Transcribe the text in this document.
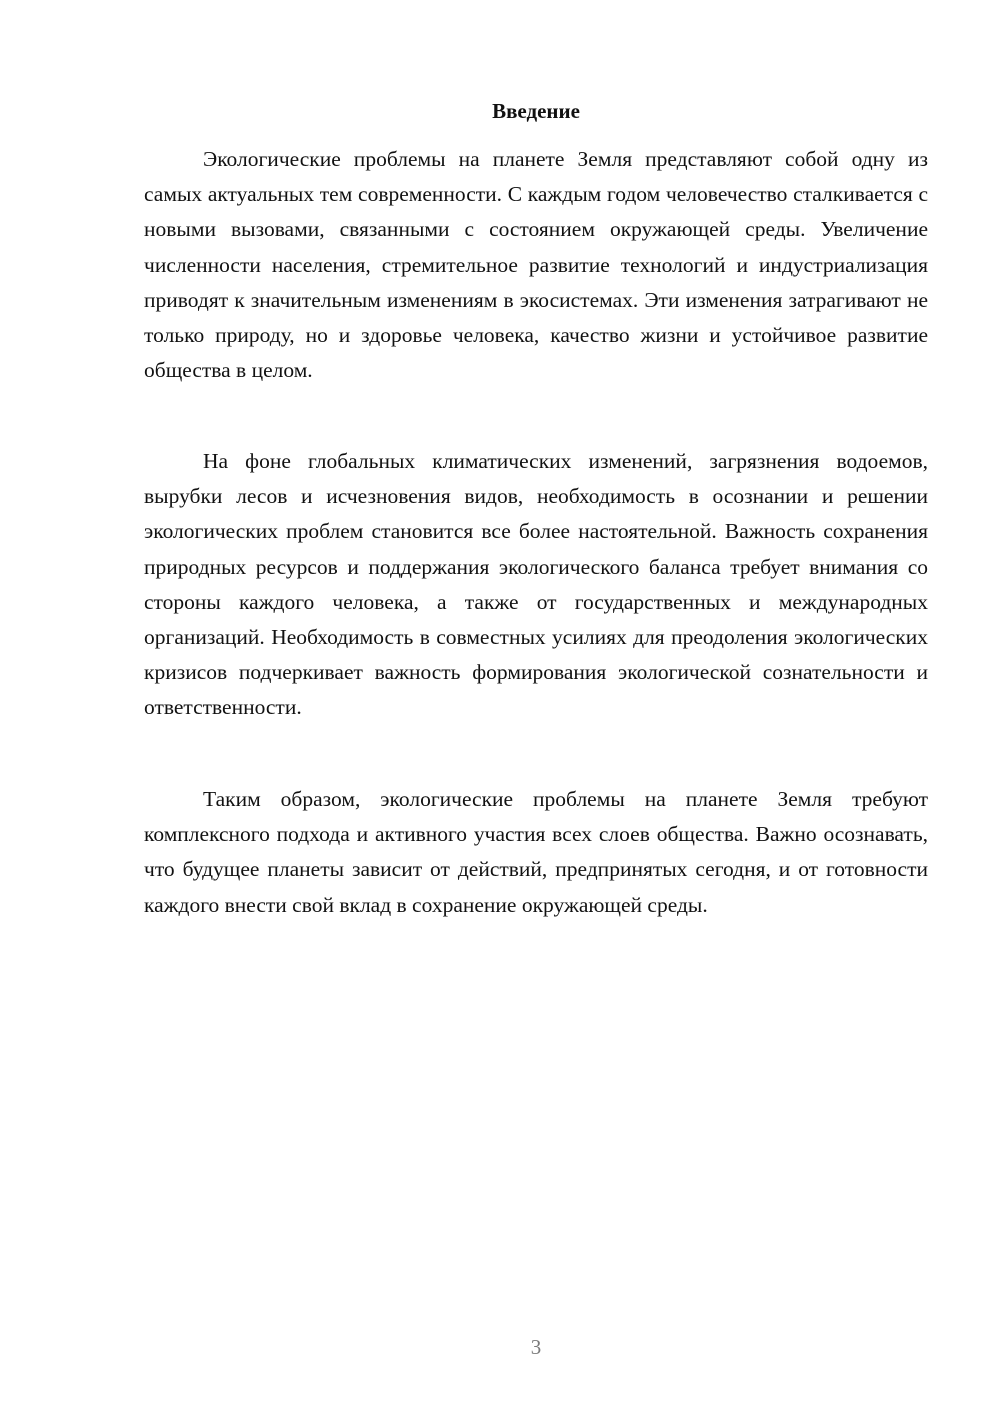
Введение

Экологические проблемы на планете Земля представляют собой одну из самых актуальных тем современности. С каждым годом человечество сталкивается с новыми вызовами, связанными с состоянием окружающей среды. Увеличение численности населения, стремительное развитие технологий и индустриализация приводят к значительным изменениям в экосистемах. Эти изменения затрагивают не только природу, но и здоровье человека, качество жизни и устойчивое развитие общества в целом.

На фоне глобальных климатических изменений, загрязнения водоемов, вырубки лесов и исчезновения видов, необходимость в осознании и решении экологических проблем становится все более настоятельной. Важность сохранения природных ресурсов и поддержания экологического баланса требует внимания со стороны каждого человека, а также от государственных и международных организаций. Необходимость в совместных усилиях для преодоления экологических кризисов подчеркивает важность формирования экологической сознательности и ответственности.

Таким образом, экологические проблемы на планете Земля требуют комплексного подхода и активного участия всех слоев общества. Важно осознавать, что будущее планеты зависит от действий, предпринятых сегодня, и от готовности каждого внести свой вклад в сохранение окружающей среды.

3
